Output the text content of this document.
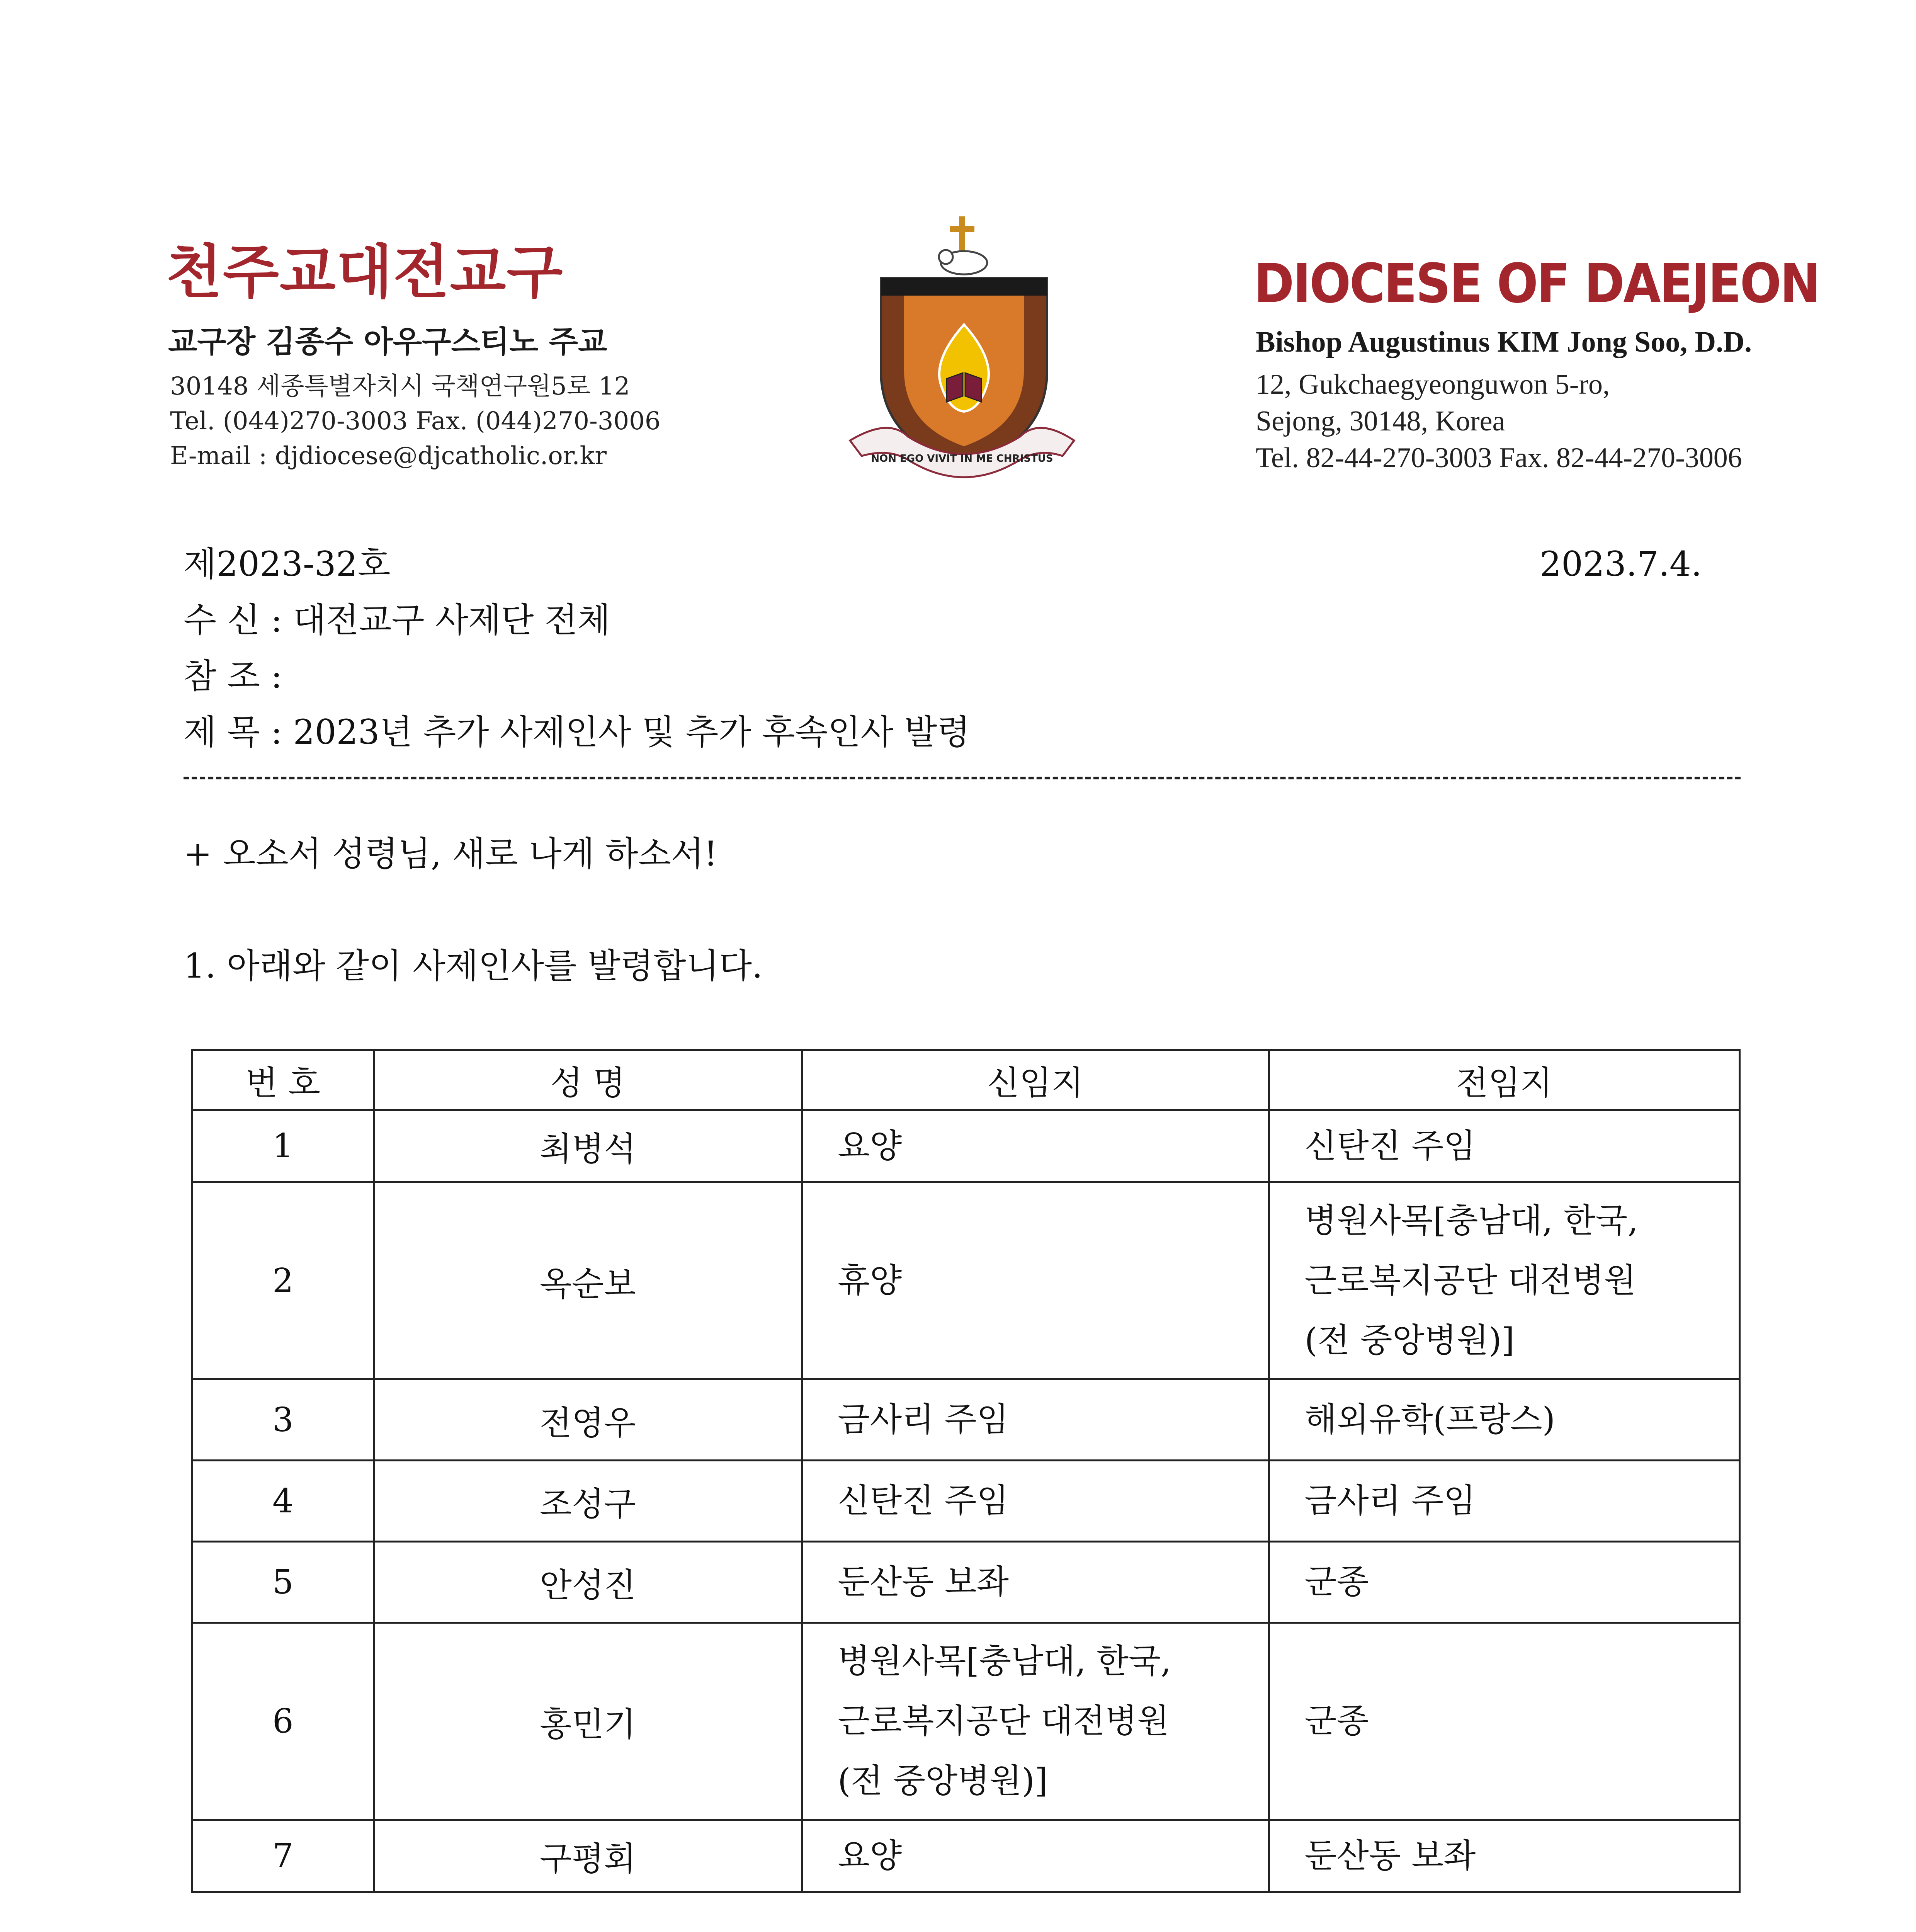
천주교대전교구
교구장 김종수 아우구스티노 주교
30148 세종특별자치시 국책연구원5로 12
Tel. (044)270-3003 Fax. (044)270-3006
E-mail : djdiocese@djcatholic.or.kr	NON EGO VIVIT IN ME CHRISTUS
DIOCESE OF DAEJEON
Bishop Augustinus KIM Jong Soo, D.D.
12, Gukchaegyeonguwon 5-ro,
Sejong, 30148, Korea
Tel. 82-44-270-3003 Fax. 82-44-270-3006
제2023-32호	2023.7.4.
수 신 : 대전교구 사제단 전체
참 조 :
제 목 : 2023년 추가 사제인사 및 추가 후속인사 발령
+ 오소서 성령님, 새로 나게 하소서!
1. 아래와 같이 사제인사를 발령합니다.
번 호	성 명	신임지	전임지
1	최병석	요양	신탄진 주임

2	옥순보	휴양	병원사목[충남대, 한국,
근로복지공단 대전병원
(전 중앙병원)]

3	전영우	금사리 주임	해외유학(프랑스)

4	조성구	신탄진 주임	금사리 주임

5	안성진	둔산동 보좌	군종

6	홍민기	병원사목[충남대, 한국,
근로복지공단 대전병원
(전 중앙병원)]	군종

7	구평회	요양	둔산동 보좌
